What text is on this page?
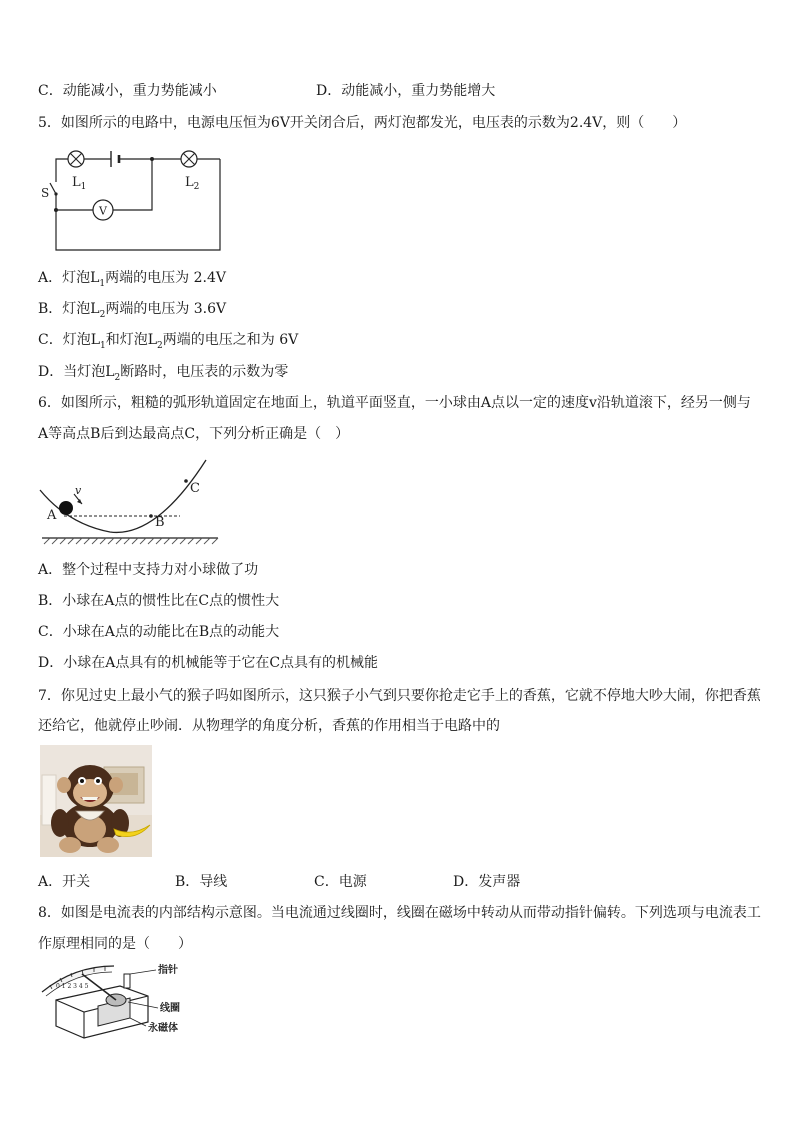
C．动能减小，重力势能减小	D．动能减小，重力势能增大
5．如图所示的电路中，电源电压恒为6V开关闭合后，两灯泡都发光，电压表的示数为2.4V，则（　　）
V
$L_1$	$L_2$
S
A．灯泡$L_1$两端的电压为 2.4V
B．灯泡$L_2$两端的电压为 3.6V
C．灯泡$L_1$和灯泡$L_2$两端的电压之和为 6V
D．当灯泡$L_2$断路时，电压表的示数为零
6．如图所示，粗糙的弧形轨道固定在地面上，轨道平面竖直，一小球由A点以一定的速度v沿轨道滚下，经另一侧与
A等高点B后到达最高点C，下列分析正确是（　）
v
A	B
C
A．整个过程中支持力对小球做了功
B．小球在A点的惯性比在C点的惯性大
C．小球在A点的动能比在B点的动能大
D．小球在A点具有的机械能等于它在C点具有的机械能
7．你见过史上最小气的猴子吗如图所示，这只猴子小气到只要你抢走它手上的香蕉，它就不停地大吵大闹，你把香蕉
还给它，他就停止吵闹．从物理学的角度分析，香蕉的作用相当于电路中的
A．开关	B．导线	C．电源	D．发声器
8．如图是电流表的内部结构示意图。当电流通过线圈时，线圈在磁场中转动从而带动指针偏转。下列选项与电流表工
作原理相同的是（　　）
0 1 2 3 4 5
指针
线圈
永磁体
